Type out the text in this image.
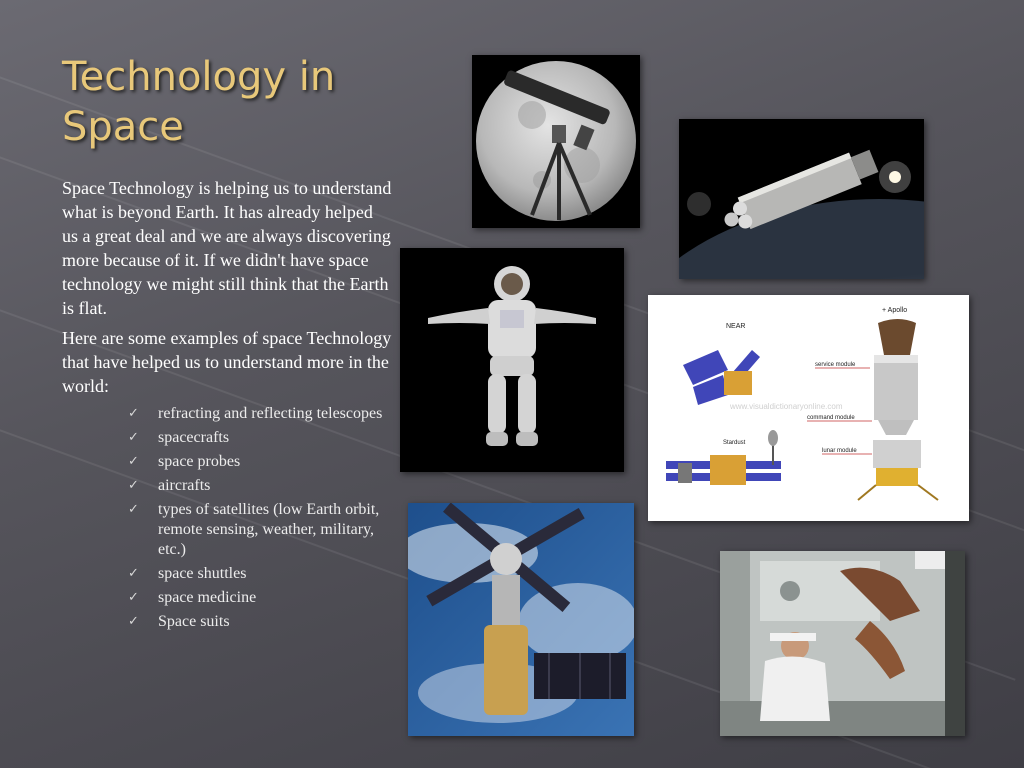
Technology in Space

Space Technology is helping us to understand what is beyond Earth. It has already helped us a great deal and we are always discovering more because of it. If we didn't have space technology we might still think that the Earth is flat.

Here are some examples of space Technology that have helped us to understand more in the world:

✓ refracting and reflecting telescopes
✓ spacecrafts
✓ space probes
✓ aircrafts
✓ types of satellites (low Earth orbit, remote sensing, weather, military, etc.)
✓ space shuttles
✓ space medicine
✓ Space suits
NEAR
+ Apollo
service module
command module
Stardust
lunar module
www.visualdictionaryonline.com
